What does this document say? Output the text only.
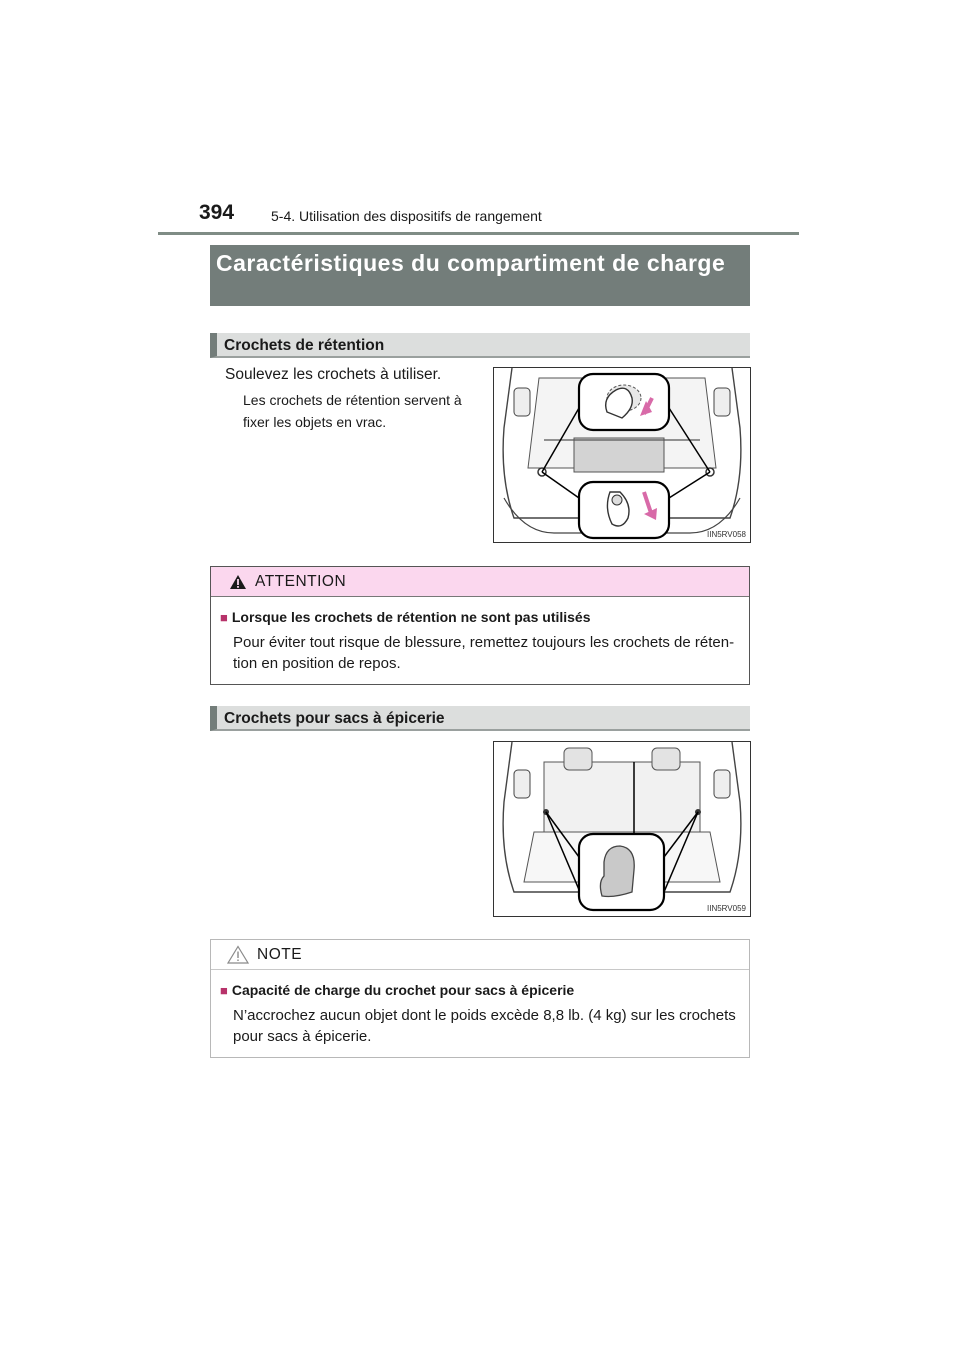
394	5-4. Utilisation des dispositifs de rangement
Caractéristiques du compartiment de charge
Crochets de rétention
Soulevez les crochets à utiliser.
Les crochets de rétention servent à fixer les objets en vrac.
IIN5RV058
ATTENTION
■ Lorsque les crochets de rétention ne sont pas utilisés
Pour éviter tout risque de blessure, remettez toujours les crochets de réten-tion en position de repos.
Crochets pour sacs à épicerie
IIN5RV059
NOTE
■ Capacité de charge du crochet pour sacs à épicerie
N’accrochez aucun objet dont le poids excède 8,8 lb. (4 kg) sur les crochets pour sacs à épicerie.
